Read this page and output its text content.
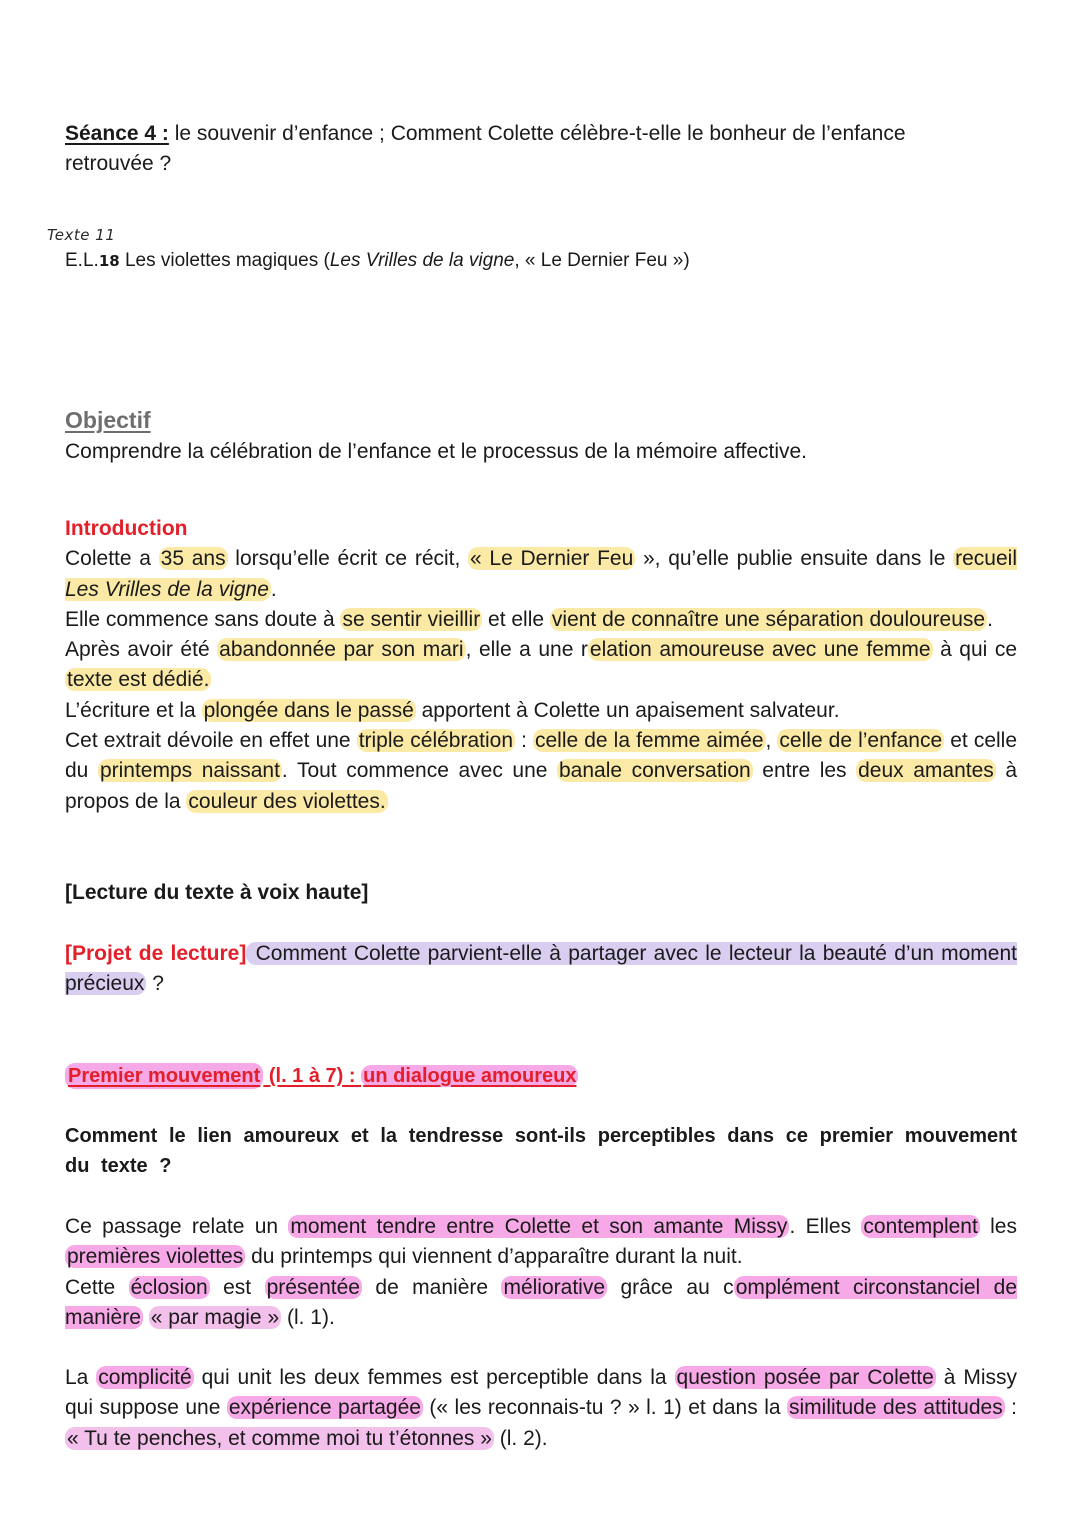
Séance 4 : le souvenir d’enfance ; Comment Colette célèbre-t-elle le bonheur de l’enfance
retrouvée ?
Texte 11
E.L.18 Les violettes magiques (Les Vrilles de la vigne, « Le Dernier Feu »)
Objectif
Comprendre la célébration de l’enfance et le processus de la mémoire affective.
Introduction
Colette a 35 ans lorsqu’elle écrit ce récit, « Le Dernier Feu », qu’elle publie ensuite dans le recueil Les Vrilles de la vigne.
Elle commence sans doute à se sentir vieillir et elle vient de connaître une séparation douloureuse.
Après avoir été abandonnée par son mari, elle a une relation amoureuse avec une femme à qui ce texte est dédié.
L’écriture et la plongée dans le passé apportent à Colette un apaisement salvateur.
Cet extrait dévoile en effet une triple célébration : celle de la femme aimée, celle de l’enfance et celle du printemps naissant. Tout commence avec une banale conversation entre les deux amantes à propos de la couleur des violettes.
[Lecture du texte à voix haute]
[Projet de lecture] Comment Colette parvient-elle à partager avec le lecteur la beauté d’un moment précieux ?
Premier mouvement (l. 1 à 7) : un dialogue amoureux
Comment le lien amoureux et la tendresse sont-ils perceptibles dans ce premier mouvement du texte ?
Ce passage relate un moment tendre entre Colette et son amante Missy. Elles contemplent les premières violettes du printemps qui viennent d’apparaître durant la nuit.
Cette éclosion est présentée de manière méliorative grâce au complément circonstanciel de manière « par magie » (l. 1).
La complicité qui unit les deux femmes est perceptible dans la question posée par Colette à Missy qui suppose une expérience partagée (« les reconnais-tu ? » l. 1) et dans la similitude des attitudes : « Tu te penches, et comme moi tu t’étonnes » (l. 2).
